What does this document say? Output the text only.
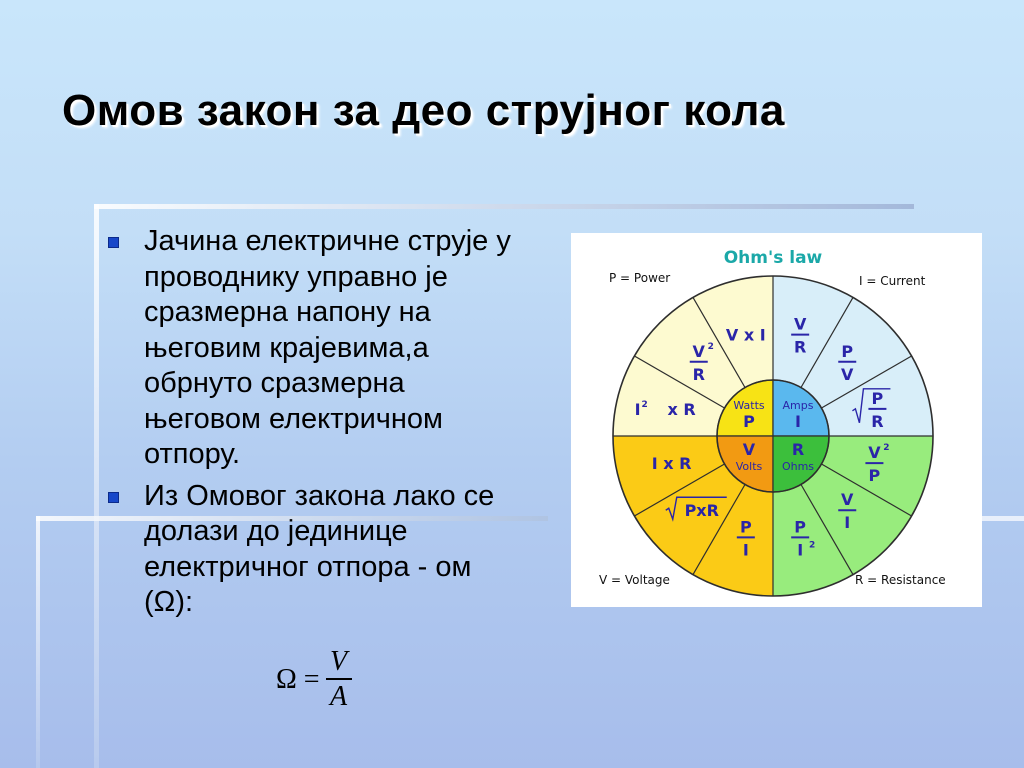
Омов закон за део струјног кола
Јачина електричне струје у проводнику управно је сразмерна напону на његовим крајевима,а обрнуто сразмерна његовом електричном отпору.
Из Омовог закона лако се долази до јединице електричног отпора - ом (Ω):
$\Omega = \frac{V}{A}$
Watts
P
Amps
I
Volts
V
Ohms
R
V
R P
V
P
R
V 2
P
V
I
P
I 2
P
I
PxR
I x R
I 2 x R
V 2
R
V x I
Ohm's law
P = Power	I = Current
V = Voltage	R = Resistance
